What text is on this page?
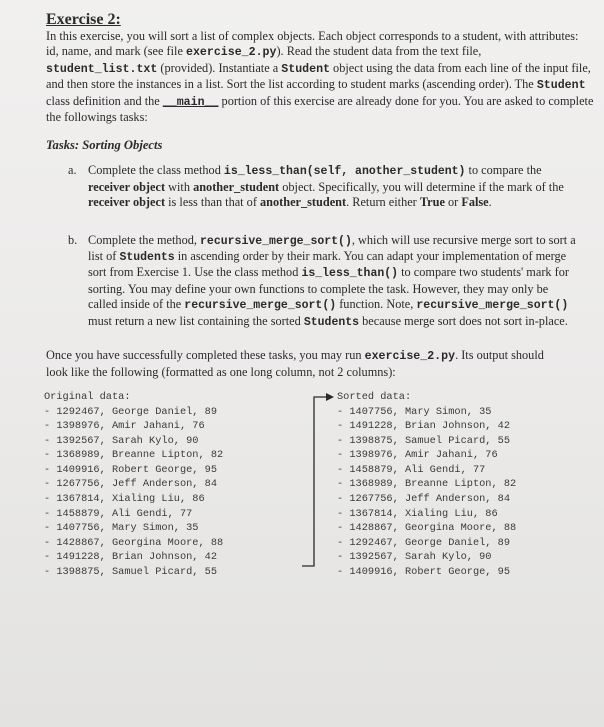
Exercise 2:

In this exercise, you will sort a list of complex objects. Each object corresponds to a student, with attributes: id, name, and mark (see file exercise_2.py). Read the student data from the text file, student_list.txt (provided). Instantiate a Student object using the data from each line of the input file, and then store the instances in a list. Sort the list according to student marks (ascending order). The Student class definition and the __main__ portion of this exercise are already done for you. You are asked to complete the followings tasks:

Tasks: Sorting Objects

a. Complete the class method is_less_than(self, another_student) to compare the receiver object with another_student object. Specifically, you will determine if the mark of the receiver object is less than that of another_student. Return either True or False.
b. Complete the method, recursive_merge_sort(), which will use recursive merge sort to sort a list of Students in ascending order by their mark. You can adapt your implementation of merge sort from Exercise 1. Use the class method is_less_than() to compare two students' mark for sorting. You may define your own functions to complete the task. However, they may only be called inside of the recursive_merge_sort() function. Note, recursive_merge_sort() must return a new list containing the sorted Students because merge sort does not sort in-place.
Once you have successfully completed these tasks, you may run exercise_2.py. Its output should look like the following (formatted as one long column, not 2 columns):
Original data:
- 1292467, George Daniel, 89
- 1398976, Amir Jahani, 76
- 1392567, Sarah Kylo, 90
- 1368989, Breanne Lipton, 82
- 1409916, Robert George, 95
- 1267756, Jeff Anderson, 84
- 1367814, Xialing Liu, 86
- 1458879, Ali Gendi, 77
- 1407756, Mary Simon, 35
- 1428867, Georgina Moore, 88
- 1491228, Brian Johnson, 42
- 1398875, Samuel Picard, 55
Sorted data:
- 1407756, Mary Simon, 35
- 1491228, Brian Johnson, 42
- 1398875, Samuel Picard, 55
- 1398976, Amir Jahani, 76
- 1458879, Ali Gendi, 77
- 1368989, Breanne Lipton, 82
- 1267756, Jeff Anderson, 84
- 1367814, Xialing Liu, 86
- 1428867, Georgina Moore, 88
- 1292467, George Daniel, 89
- 1392567, Sarah Kylo, 90
- 1409916, Robert George, 95
